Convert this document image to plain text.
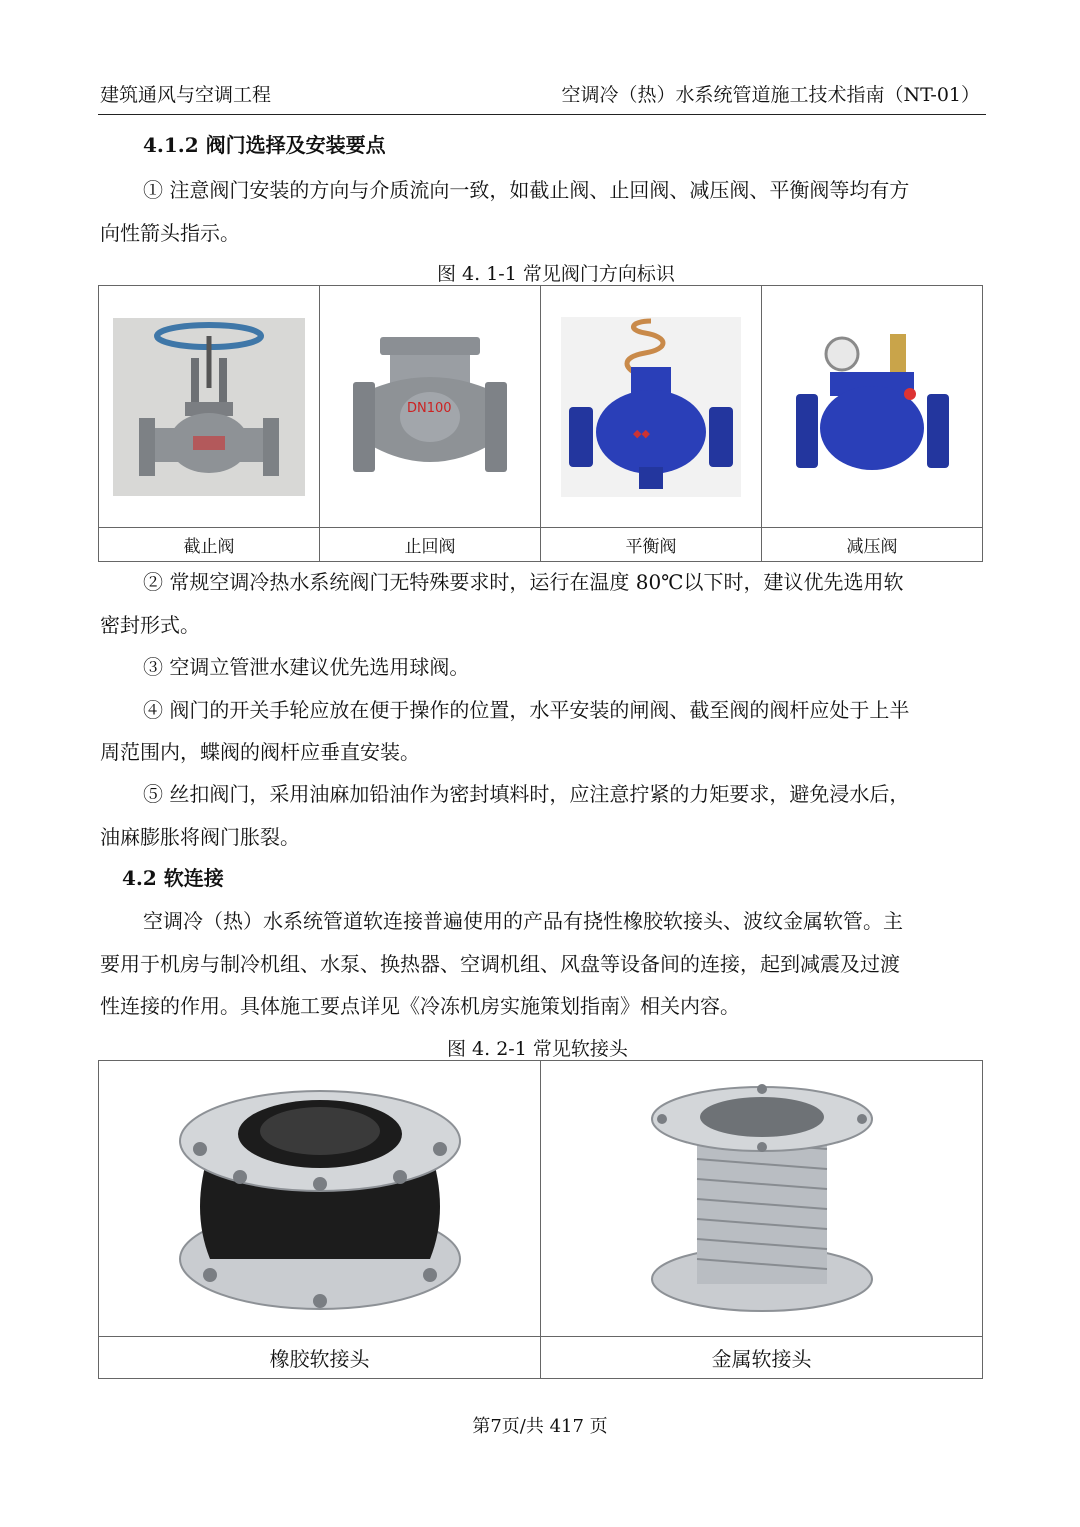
建筑通风与空调工程	空调冷（热）水系统管道施工技术指南（NT-01）
4.1.2 阀门选择及安装要点
① 注意阀门安装的方向与介质流向一致，如截止阀、止回阀、减压阀、平衡阀等均有方
向性箭头指示。
图 4. 1-1 常见阀门方向标识

DN100	◆◆

截止阀	止回阀	平衡阀	减压阀
② 常规空调冷热水系统阀门无特殊要求时，运行在温度 80℃以下时，建议优先选用软
密封形式。
③ 空调立管泄水建议优先选用球阀。
④ 阀门的开关手轮应放在便于操作的位置，水平安装的闸阀、截至阀的阀杆应处于上半
周范围内，蝶阀的阀杆应垂直安装。
⑤ 丝扣阀门，采用油麻加铅油作为密封填料时，应注意拧紧的力矩要求，避免浸水后，
油麻膨胀将阀门胀裂。
4.2 软连接
空调冷（热）水系统管道软连接普遍使用的产品有挠性橡胶软接头、波纹金属软管。主
要用于机房与制冷机组、水泵、换热器、空调机组、风盘等设备间的连接，起到减震及过渡
性连接的作用。具体施工要点详见《冷冻机房实施策划指南》相关内容。
图 4. 2-1 常见软接头

橡胶软接头	金属软接头
第7页/共 417 页
